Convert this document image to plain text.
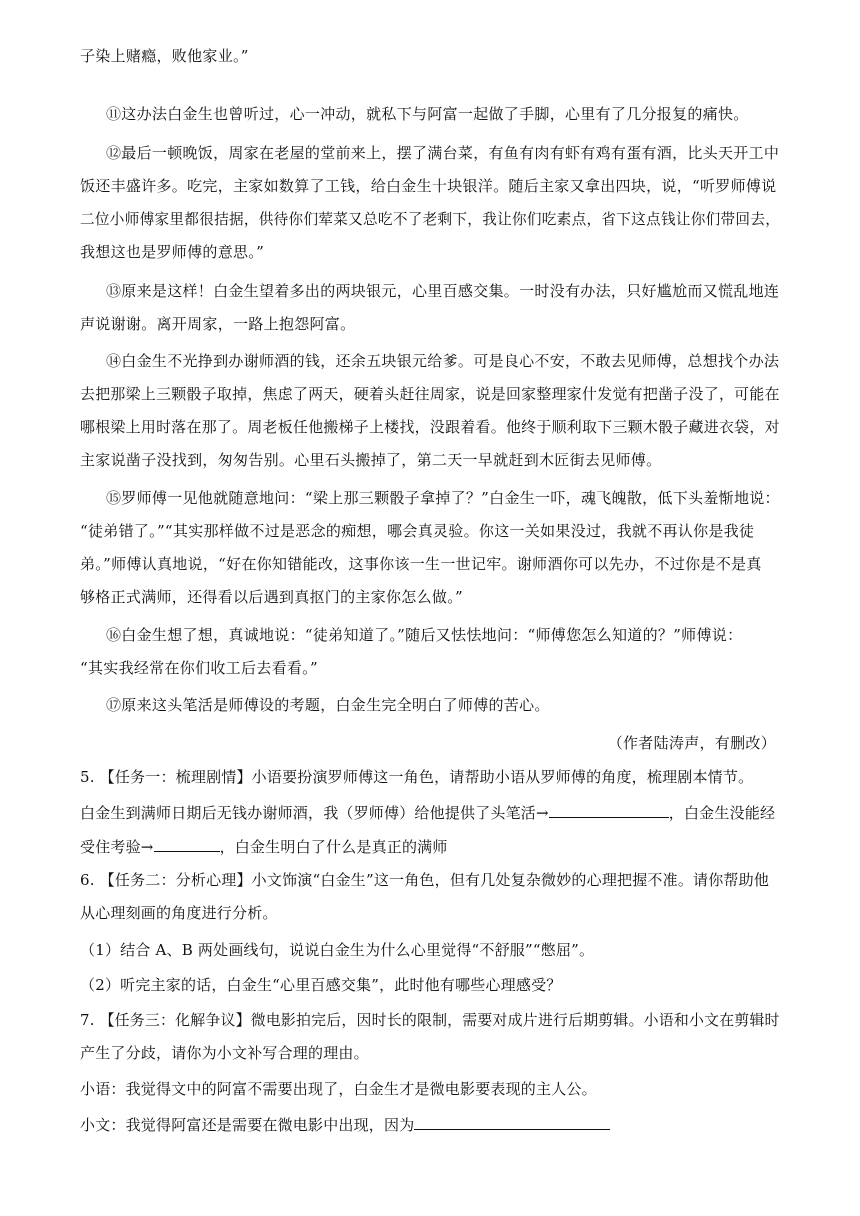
子染上赌瘾，败他家业。”
⑪这办法白金生也曾听过，心一冲动，就私下与阿富一起做了手脚，心里有了几分报复的痛快。
⑫最后一顿晚饭，周家在老屋的堂前来上，摆了满台菜，有鱼有肉有虾有鸡有蛋有酒，比头天开工中
饭还丰盛许多。吃完，主家如数算了工钱，给白金生十块银洋。随后主家又拿出四块，说，“听罗师傅说
二位小师傅家里都很拮据，供待你们荤菜又总吃不了老剩下，我让你们吃素点，省下这点钱让你们带回去，
我想这也是罗师傅的意思。”
⑬原来是这样！白金生望着多出的两块银元，心里百感交集。一时没有办法，只好尴尬而又慌乱地连
声说谢谢。离开周家，一路上抱怨阿富。
⑭白金生不光挣到办谢师酒的钱，还余五块银元给爹。可是良心不安，不敢去见师傅，总想找个办法
去把那梁上三颗骰子取掉，焦虑了两天，硬着头赶往周家，说是回家整理家什发觉有把凿子没了，可能在
哪根梁上用时落在那了。周老板任他搬梯子上楼找，没跟着看。他终于顺利取下三颗木骰子藏进衣袋，对
主家说凿子没找到，匆匆告别。心里石头搬掉了，第二天一早就赶到木匠街去见师傅。
⑮罗师傅一见他就随意地问：“梁上那三颗骰子拿掉了？”白金生一吓，魂飞魄散，低下头羞惭地说：
“徒弟错了。”“其实那样做不过是恶念的痴想，哪会真灵验。你这一关如果没过，我就不再认你是我徒
弟。”师傅认真地说，“好在你知错能改，这事你该一生一世记牢。谢师酒你可以先办，不过你是不是真
够格正式满师，还得看以后遇到真抠门的主家你怎么做。”
⑯白金生想了想，真诚地说：“徒弟知道了。”随后又怯怯地问：“师傅您怎么知道的？”师傅说：
“其实我经常在你们收工后去看看。”
⑰原来这头笔活是师傅设的考题，白金生完全明白了师傅的苦心。
（作者陆涛声，有删改）
5. 【任务一：梳理剧情】小语要扮演罗师傅这一角色，请帮助小语从罗师傅的角度，梳理剧本情节。
白金生到满师日期后无钱办谢师酒，我（罗师傅）给他提供了头笔活→	，白金生没能经
受住考验→	，白金生明白了什么是真正的满师
6. 【任务二：分析心理】小文饰演“白金生”这一角色，但有几处复杂微妙的心理把握不准。请你帮助他
从心理刻画的角度进行分析。
（1）结合 A、B 两处画线句，说说白金生为什么心里觉得“不舒服”“憋屈”。
（2）听完主家的话，白金生“心里百感交集”，此时他有哪些心理感受？
7. 【任务三：化解争议】微电影拍完后，因时长的限制，需要对成片进行后期剪辑。小语和小文在剪辑时
产生了分歧，请你为小文补写合理的理由。
小语：我觉得文中的阿富不需要出现了，白金生才是微电影要表现的主人公。
小文：我觉得阿富还是需要在微电影中出现，因为
